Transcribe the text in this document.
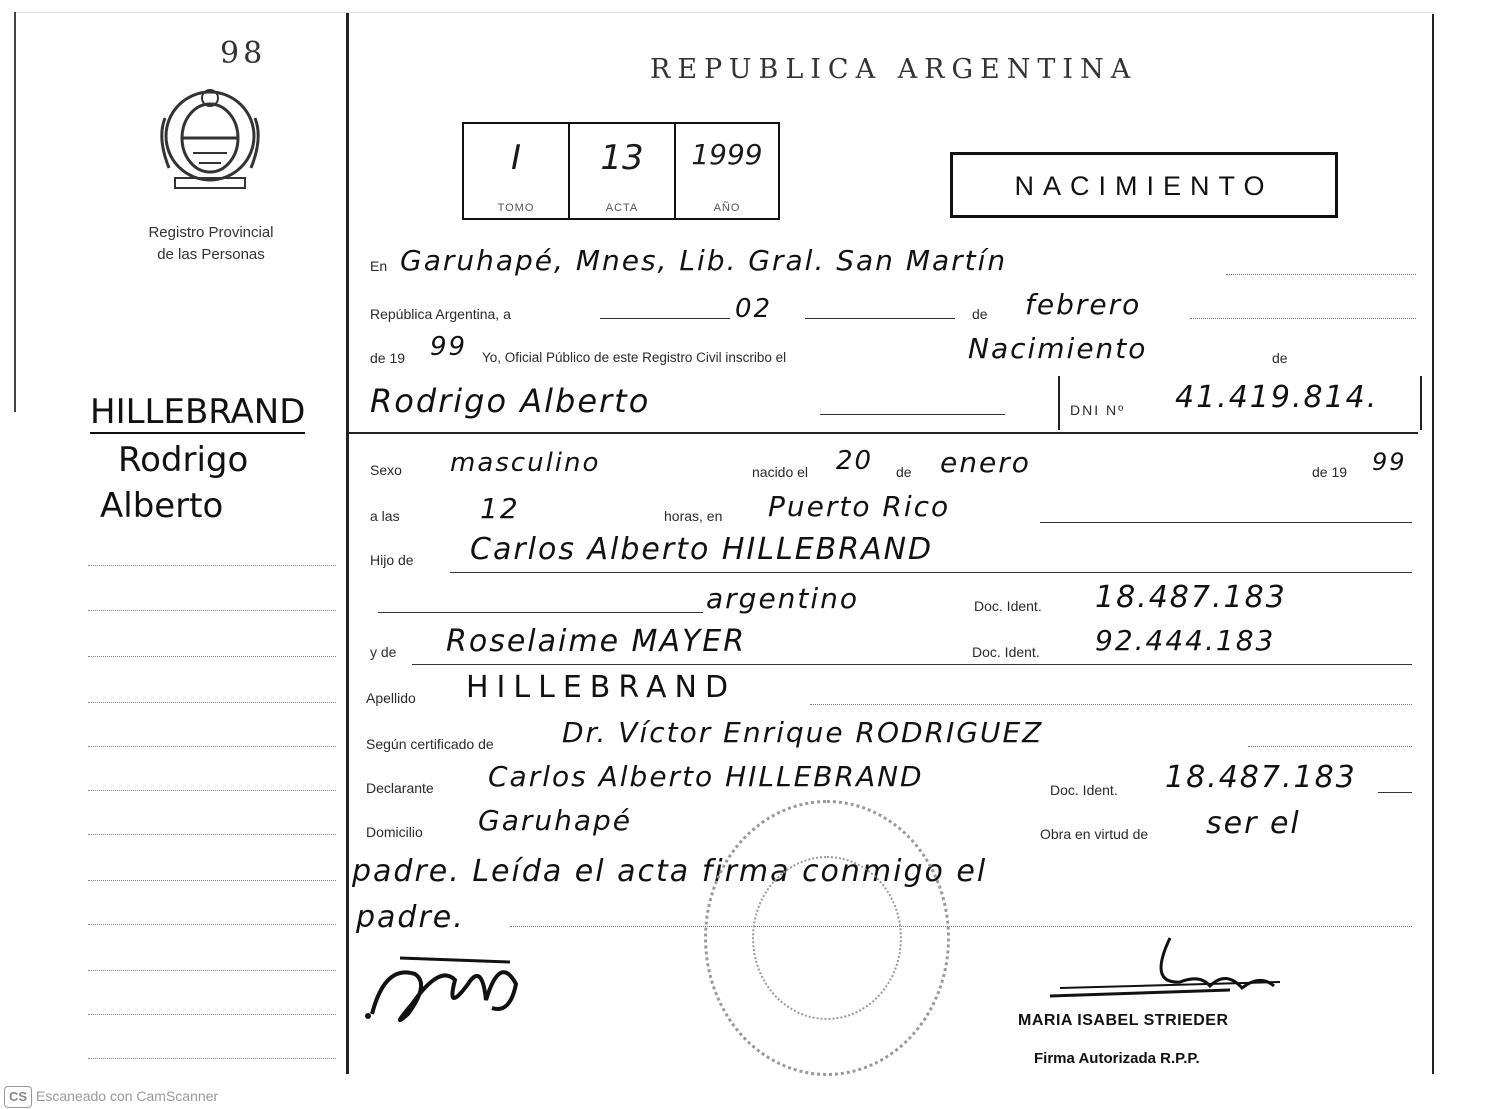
98
Registro Provincial
de las Personas
HILLEBRAND
Rodrigo
Alberto
REPUBLICA ARGENTINA
I
TOMO
13
ACTA
1999
AÑO
NACIMIENTO
En Garuhapé, Mnes, Lib. Gral. San Martín
República Argentina, a	02	de febrero
de 19 99 Yo, Oficial Público de este Registro Civil inscribo el	Nacimiento	de
Rodrigo Alberto	DNI Nº 41.419.814.
Sexo masculino	nacido el 20 de enero	de 19 99
a las	12	horas, en Puerto Rico
Hijo de Carlos Alberto HILLEBRAND
argentino	Doc. Ident. 18.487.183
y de Roselaime MAYER	Doc. Ident. 92.444.183
Apellido HILLEBRAND
Según certificado de Dr. Víctor Enrique RODRIGUEZ
Declarante Carlos Alberto HILLEBRAND	Doc. Ident. 18.487.183
Domicilio Garuhapé	Obra en virtud de ser el
padre. Leída el acta firma conmigo el
padre.
MARIA ISABEL STRIEDER
Firma Autorizada R.P.P.
CS Escaneado con CamScanner
